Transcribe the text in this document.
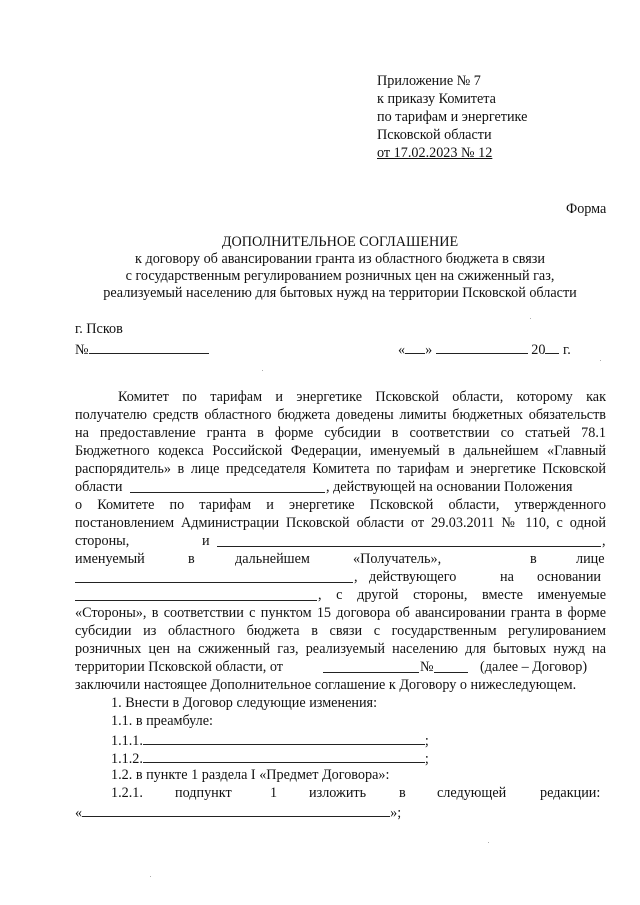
Приложение № 7
к приказу Комитета
по тарифам и энергетике
Псковской области
от 17.02.2023 № 12
Форма
ДОПОЛНИТЕЛЬНОЕ СОГЛАШЕНИЕ
к договору об авансировании гранта из областного бюджета в связи
с государственным регулированием розничных цен на сжиженный газ,
реализуемый населению для бытовых нужд на территории Псковской области
г. Псков
№	« »	20 г.
Комитет по тарифам и энергетике Псковской области, которому как
получателю средств областного бюджета доведены лимиты бюджетных обязательств
на предоставление гранта в форме субсидии в соответствии со статьей 78.1
Бюджетного кодекса Российской Федерации, именуемый в дальнейшем «Главный
распорядитель» в лице председателя Комитета по тарифам и энергетике Псковской
области	, действующей на основании Положения
о Комитете по тарифам и энергетике Псковской области, утвержденного
постановлением Администрации Псковской области от 29.03.2011 № 110, с одной
стороны,	и	,
именуемый	в	дальнейшем	«Получатель»,	в	лице
, действующего	на основании
, с другой стороны, вместе именуемые
«Стороны», в соответствии с пунктом 15 договора об авансировании гранта в форме
субсидии из областного бюджета в связи с государственным регулированием
розничных цен на сжиженный газ, реализуемый населению для бытовых нужд на
территории Псковской области, от	№	(далее – Договор)
заключили настоящее Дополнительное соглашение к Договору о нижеследующем.
1. Внести в Договор следующие изменения:
1.1. в преамбуле:
1.1.1.	;
1.1.2.	;
1.2. в пункте 1 раздела I «Предмет Договора»:
1.2.1. подпункт	1 изложить в следующей редакции:
«	»;
